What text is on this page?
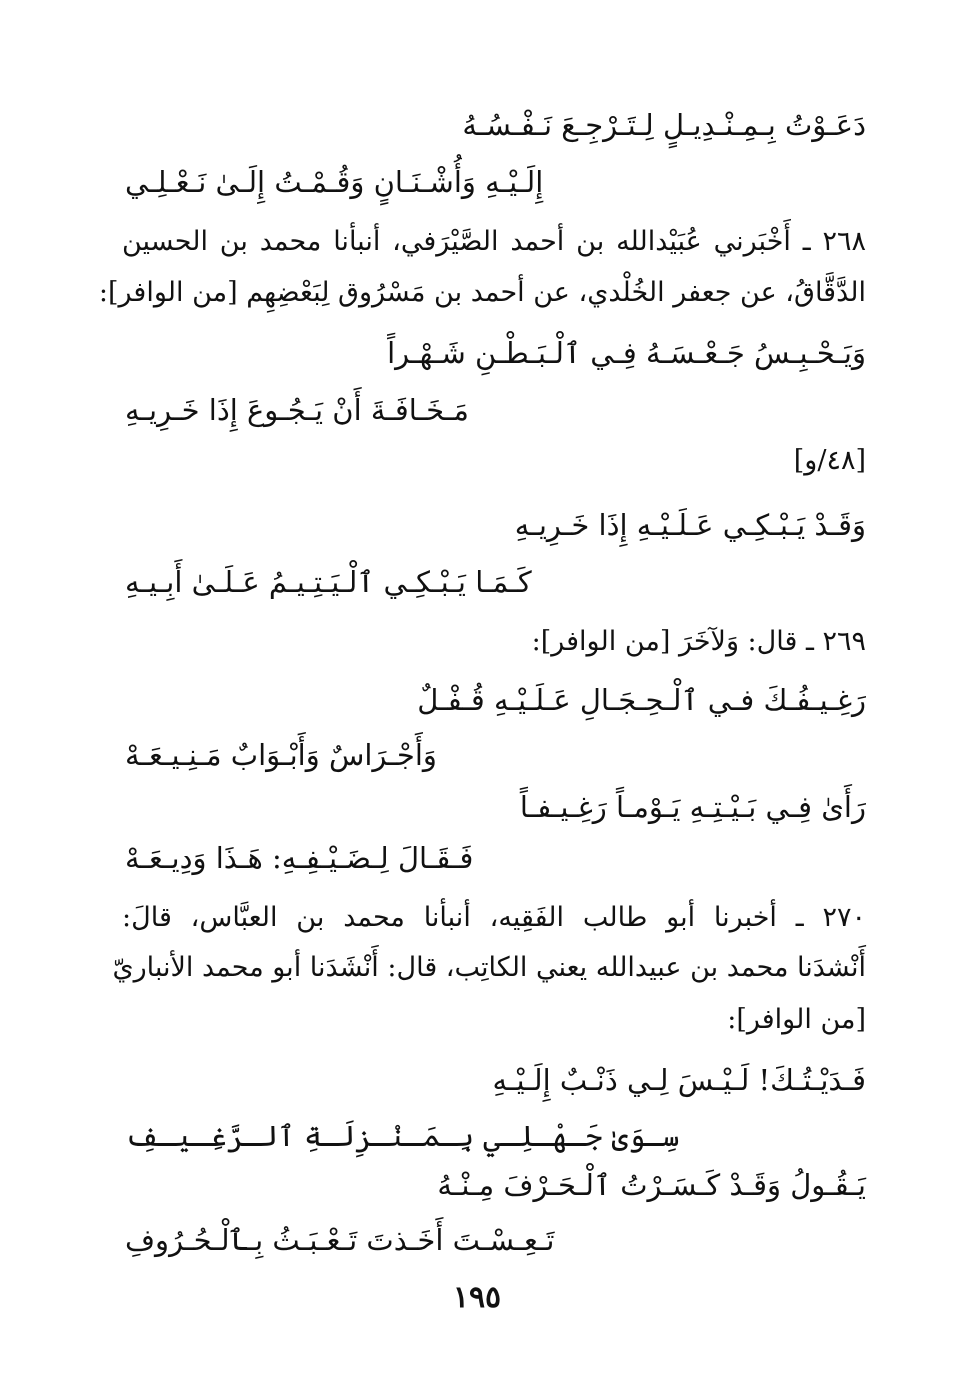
دَعَـوْتُ بِـمِـنْـدِيـلٍ لِـتَـرْجِـعَ نَـفْـسُـهُ
إِلَـيْـهِ وَأُشْـنَـانٍ وَقُـمْـتُ إِلَـىٰ نَـعْـلِـي
٢٦٨ ـ أَخْبَرني عُبَيْدالله بن أحمد الصَّيْرَفي، أنبأنا محمد بن الحسين
الدَّقَّاقُ، عن جعفر الخُلْدي، عن أحمد بن مَسْرُوق لِبَعْضِهِم [من الوافر]:
وَيَـحْـبِـسُ جَـعْـسَـهُ فِـي ٱلْـبَـطْـنِ شَـهْـراً
مَـخَـافَـةَ أَنْ يَـجُـوعَ إِذَا خَـرِيـهِ
[٤٨/و]
وَقَـدْ يَـبْـكِـي عَـلَـيْـهِ إِذَا خَـرِيـهِ
كَـمَـا يَـبْـكِـي ٱلْـيَـتِـيـمُ عَـلَـىٰ أَبِـيـهِ
٢٦٩ ـ قال: وَلآخَرَ [من الوافر]:
رَغِـيـفُـكَ فـي ٱلْـحِـجَـالِ عَـلَـيْـهِ قُـفْـلٌ
وَأَجْـرَاسٌ وَأَبْـوَابٌ مَـنِـيـعَـهْ
رَأَىٰ فِـي بَـيْـتِـهِ يَـوْمـاً رَغِـيـفـاً
فَـقَـالَ لِـضَـيْـفِـهِ: هَـذَا وَدِيـعَـهْ
٢٧٠ ـ أخبرنا أبو طالب الفَقِيه، أنبأنا محمد بن العبَّاس، قالَ:
أَنْشدَنا محمد بن عبيدالله يعني الكاتِب، قال: أَنْشَدَنا أبو محمد الأنباريّ
[من الوافر]:
فَـدَيْـتُـكَ! لَـيْـسَ لِـي ذَنْـبٌ إِلَـيْـهِ
سِـوَىٰ جَـهْـلِـي بِـمَـنْـزِلَـةِ ٱلـرَّغِـيـفِ
يَـقُـولُ وَقَـدْ كَـسَـرْتُ ٱلْـحَـرْفَ مِـنْـهُ
تَـعِـسْـتَ أَخَـذتَ تَـعْـبَـثُ بِـٱلْـحُـرُوفِ
١٩٥
